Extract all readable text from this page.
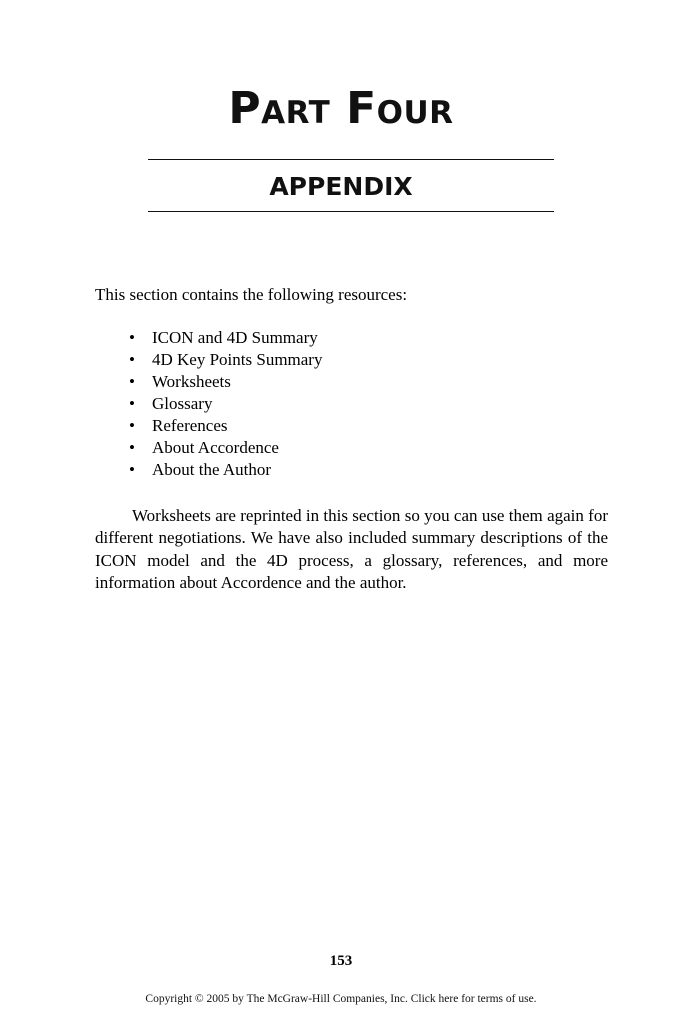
Part Four
APPENDIX

This section contains the following resources:

• ICON and 4D Summary
• 4D Key Points Summary
• Worksheets
• Glossary
• References
• About Accordence
• About the Author

Worksheets are reprinted in this section so you can use them again for different negotiations. We have also included summary descriptions of the ICON model and the 4D process, a glossary, references, and more information about Accordence and the author.

153
Copyright © 2005 by The McGraw-Hill Companies, Inc. Click here for terms of use.
